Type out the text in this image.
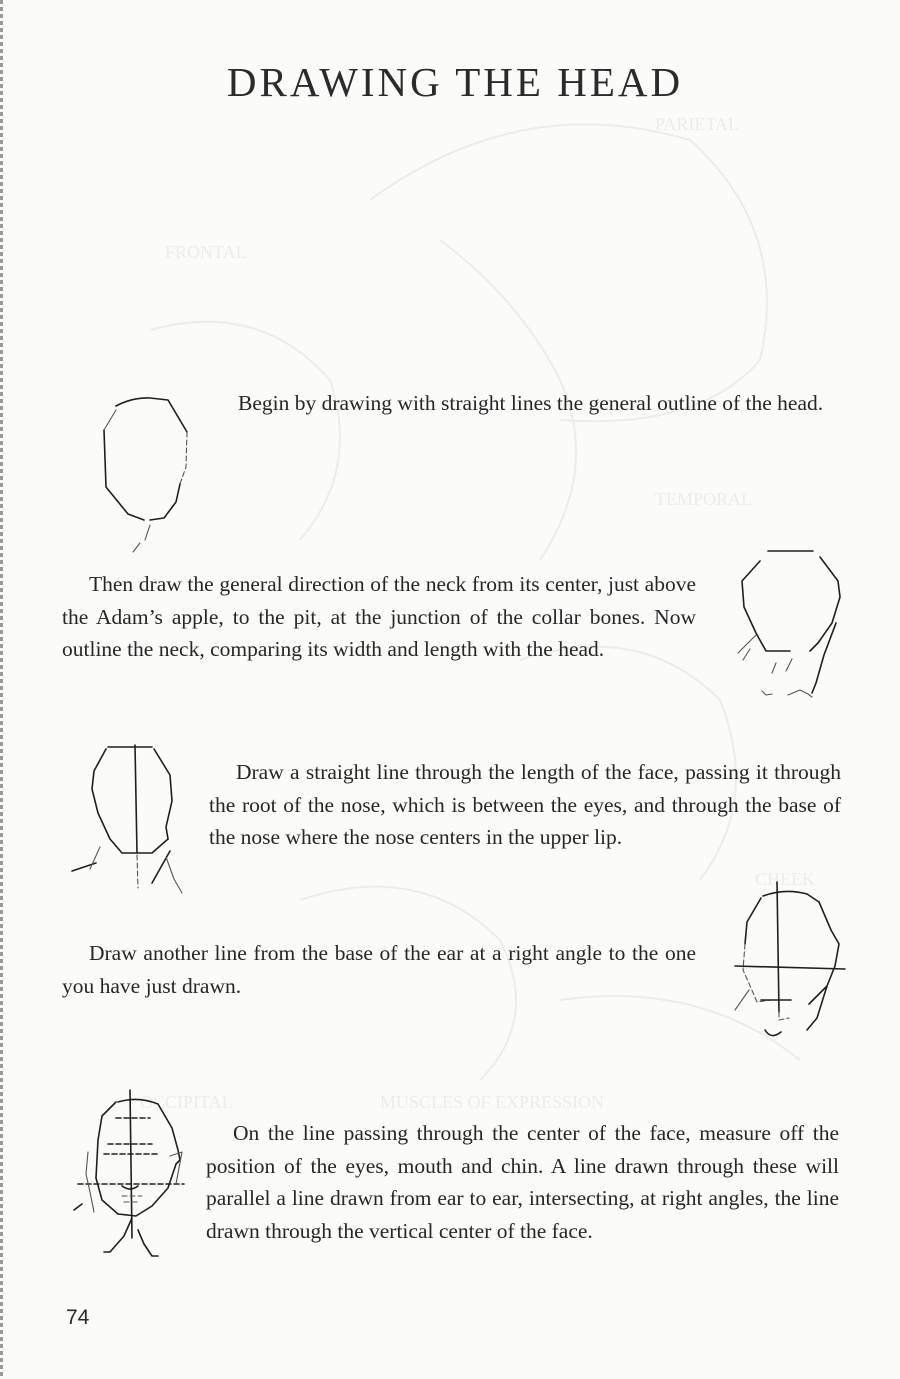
FRONTAL
PARIETAL
TEMPORAL
CHEEK
OCCIPITAL	MUSCLES OF EXPRESSION
DRAWING THE HEAD

Begin by drawing with straight lines the general outline of the head.

Then draw the general direction of the neck from its center, just above the Adam’s apple, to the pit, at the junction of the collar bones. Now outline the neck, comparing its width and length with the head.

Draw a straight line through the length of the face, passing it through the root of the nose, which is between the eyes, and through the base of the nose where the nose centers in the upper lip.

Draw another line from the base of the ear at a right angle to the one you have just drawn.

On the line passing through the center of the face, measure off the position of the eyes, mouth and chin. A line drawn through these will parallel a line drawn from ear to ear, intersecting, at right angles, the line drawn through the vertical center of the face.

74
